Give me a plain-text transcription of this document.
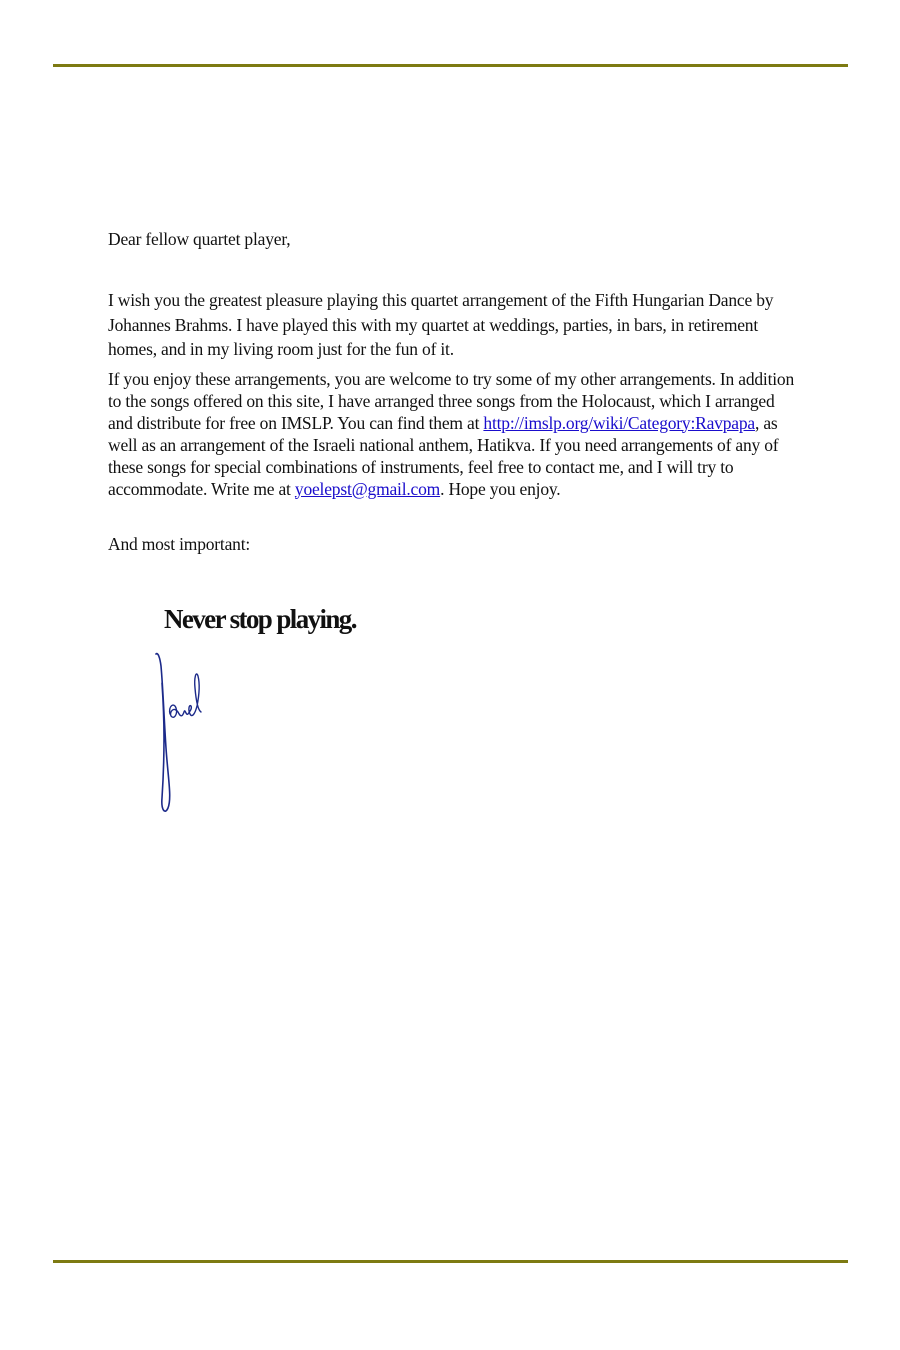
Dear fellow quartet player,

I wish you the greatest pleasure playing this quartet arrangement of the Fifth Hungarian Dance by Johannes Brahms. I have played this with my quartet at weddings, parties, in bars, in retirement homes, and in my living room just for the fun of it.

If you enjoy these arrangements, you are welcome to try some of my other arrangements. In addition to the songs offered on this site, I have arranged three songs from the Holocaust, which I arranged and distribute for free on IMSLP. You can find them at http://imslp.org/wiki/Category:Ravpapa, as well as an arrangement of the Israeli national anthem, Hatikva. If you need arrangements of any of these songs for special combinations of instruments, feel free to contact me, and I will try to accommodate. Write me at yoelepst@gmail.com. Hope you enjoy.

And most important:

Never stop playing.
